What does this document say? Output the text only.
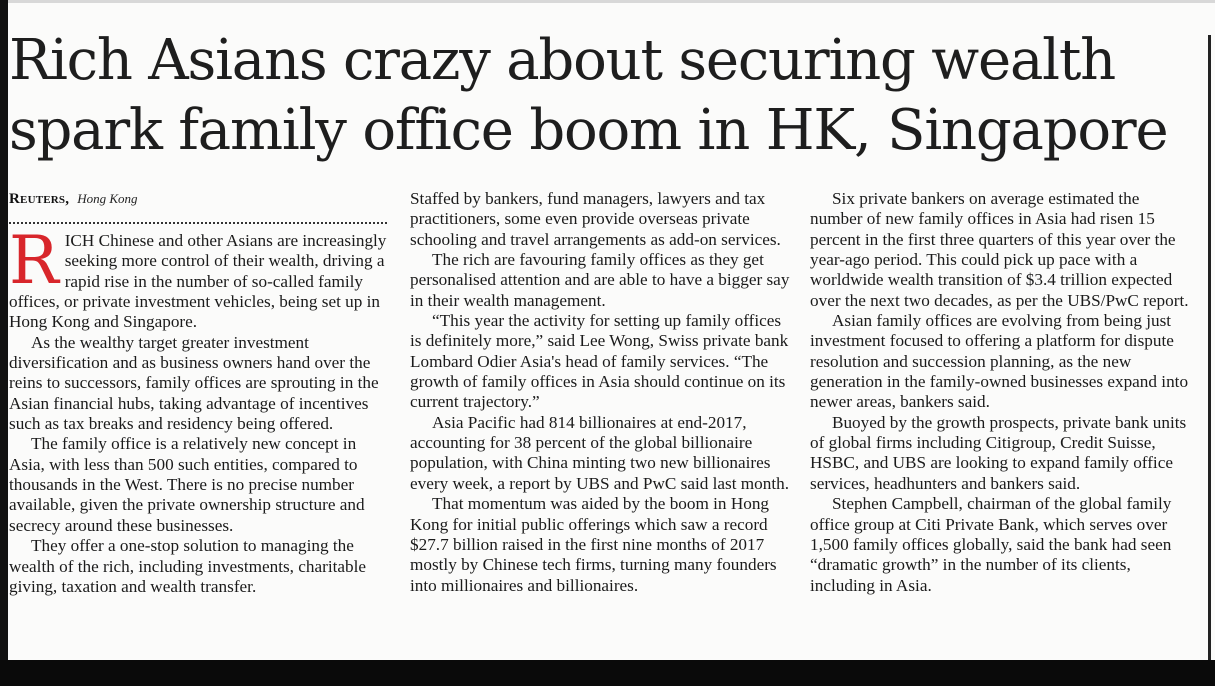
Rich Asians crazy about securing wealth
spark family office boom in HK, Singapore
Reuters, Hong Kong

RICH Chinese and other Asians are increasingly seeking more control of their wealth, driving a rapid rise in the number of so-called family offices, or private investment vehicles, being set up in Hong Kong and Singapore.

As the wealthy target greater investment diversification and as business owners hand over the reins to successors, family offices are sprouting in the Asian financial hubs, taking advantage of incentives such as tax breaks and residency being offered.

The family office is a relatively new concept in Asia, with less than 500 such entities, compared to thousands in the West. There is no precise number available, given the private ownership structure and secrecy around these businesses.

They offer a one-stop solution to managing the wealth of the rich, including investments, charitable giving, taxation and wealth transfer.

Staffed by bankers, fund managers, lawyers and tax practitioners, some even provide overseas private schooling and travel arrangements as add-on services.

The rich are favouring family offices as they get personalised attention and are able to have a bigger say in their wealth management.

“This year the activity for setting up family offices is definitely more,” said Lee Wong, Swiss private bank Lombard Odier Asia's head of family services. “The growth of family offices in Asia should continue on its current trajectory.”

Asia Pacific had 814 billionaires at end-2017, accounting for 38 percent of the global billionaire population, with China minting two new billionaires every week, a report by UBS and PwC said last month.

That momentum was aided by the boom in Hong Kong for initial public offerings which saw a record $27.7 billion raised in the first nine months of 2017 mostly by Chinese tech firms, turning many founders into millionaires and billionaires.

Six private bankers on average estimated the number of new family offices in Asia had risen 15 percent in the first three quarters of this year over the year-ago period. This could pick up pace with a worldwide wealth transition of $3.4 trillion expected over the next two decades, as per the UBS/PwC report.

Asian family offices are evolving from being just investment focused to offering a platform for dispute resolution and succession planning, as the new generation in the family-owned businesses expand into newer areas, bankers said.

Buoyed by the growth prospects, private bank units of global firms including Citigroup, Credit Suisse, HSBC, and UBS are looking to expand family office services, headhunters and bankers said.

Stephen Campbell, chairman of the global family office group at Citi Private Bank, which serves over 1,500 family offices globally, said the bank had seen “dramatic growth” in the number of its clients, including in Asia.
